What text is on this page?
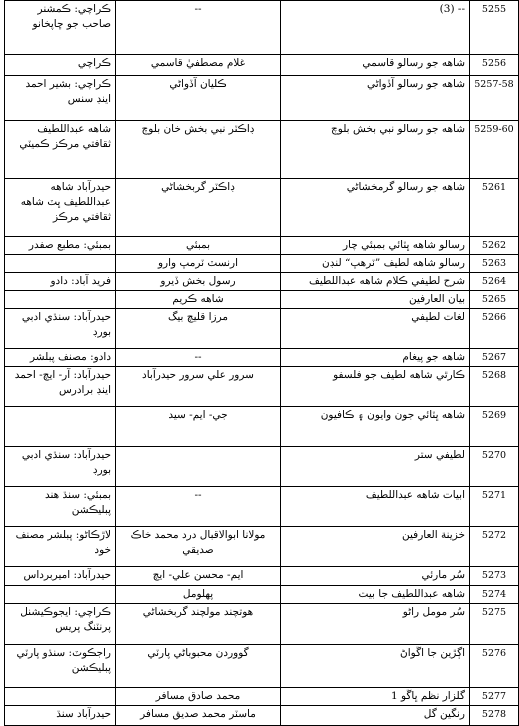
ڪراچي: ڪمشنر صاحب جو ڇاپخانو	--	-- (3)	5255
ڪراچي	غلام مصطفيٰ قاسمي	شاهه جو رسالو قاسمي	5256
ڪراچي: بشير احمد اينڊ سنس	ڪليان آڏواڻي	شاهه جو رسالو آڏواڻي	5257-58
شاهه عبداللطيف ثقافتي مرڪز ڪميٽي	ڊاڪٽر نبي بخش خان بلوچ	شاهه جو رسالو نبي بخش بلوچ	5259-60
حيدرآباد شاهه عبداللطيف ڀٽ شاهه ثقافتي مرڪز	ڊاڪٽر گربخشاڻي	شاهه جو رسالو گرمخشاڻي	5261
بمبئي: مطبع صفدر	بمبئي	رسالو شاهه ڀٽائي بمبئي چار	5262
	ارنسٽ ٽرمپ وارو	رسالو شاهه لطيف ”ٽرهپ“ لنڊن	5263
فريد آباد: دادو	رسول بخش ڏيرو	شرح لطيفي ڪلام شاهه عبداللطيف	5264
	شاهه ڪريم	بيان العارفين	5265
حيدرآباد: سنڌي ادبي بورڊ	مرزا قليچ بيگ	لغات لطيفي	5266
دادو: مصنف پبلشر	--	شاهه جو پيغام	5267
حيدرآباد: آر- ايچ- احمد اينڊ برادرس	سرور علي سرور حيدرآباد	ڪارٿي شاهه لطيف جو فلسفو	5268
	جي- ايم- سيد	شاهه ڀٽائي جون وايون ۽ ڪافيون	5269
حيدرآباد: سنڌي ادبي بورڊ		لطيفي ستر	5270
بمبئي: سنڌ هند پبليڪشن	--	ابيات شاهه عبداللطيف	5271
لاڙڪاڻو: پبلشر مصنف خود	مولانا ابوالاقبال درد محمد خاڪ صديقي	خزينة العارفين	5272
حيدرآباد: اميربرداس	ايم- محسن علي- ايچ	سُر مارئي	5273
	پهلومل	شاهه عبداللطيف جا بيت	5274
ڪراچي: ايجوڪيشنل پرنٽنگ پريس	هوتچند مولچند گربخشاڻي	سُر مومل راڻو	5275
راجڪوٽ: سنڌو پارٽي پبليڪشن	گووردن محبوباڻي پارٽي	اڳڙين جا اڱواڻ	5276
	محمد صادق مسافر	گلزار نظم ڀاڱو 1	5277
حيدرآباد سنڌ	ماسٽر محمد صديق مسافر	رنگين گل	5278
